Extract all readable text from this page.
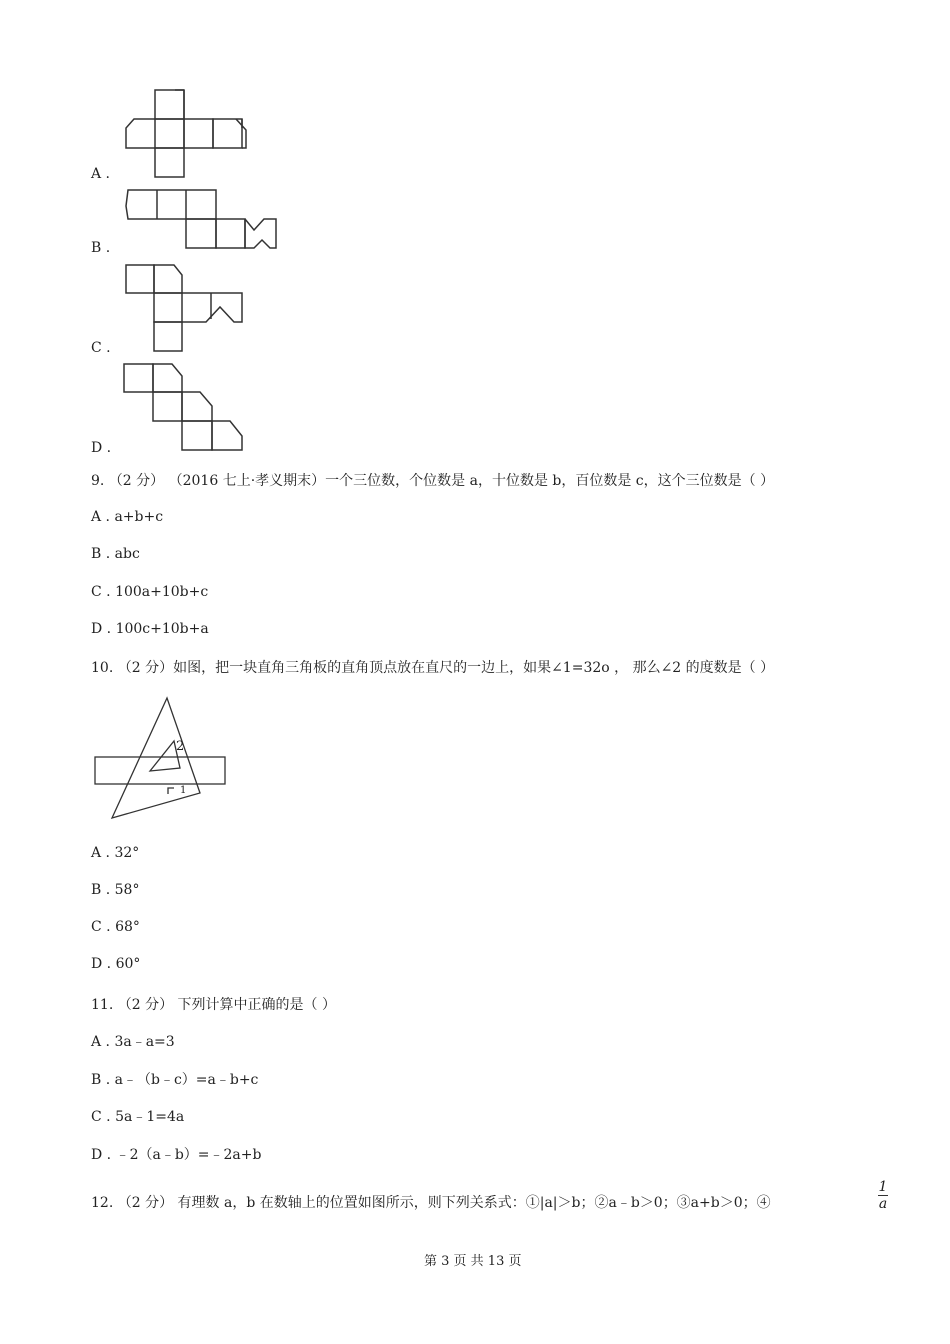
A .
B .
C .
D .
9. （2 分） （2016 七上·孝义期末）一个三位数，个位数是 a，十位数是 b，百位数是 c，这个三位数是（ ）
A . a+b+c
B . abc
C . 100a+10b+c
D . 100c+10b+a
10. （2 分）如图，把一块直角三角板的直角顶点放在直尺的一边上，如果∠1=32o ， 那么∠2 的度数是（ ）
2
1
A . 32°
B . 58°
C . 68°
D . 60°
11. （2 分） 下列计算中正确的是（ ）
A . 3a﹣a=3
B . a﹣（b﹣c）=a﹣b+c
C . 5a﹣1=4a
D . ﹣2（a﹣b）=﹣2a+b
12. （2 分） 有理数 a，b 在数轴上的位置如图所示，则下列关系式：①|a|＞b；②a﹣b＞0；③a+b＞0；④
1
a
第 3 页 共 13 页
